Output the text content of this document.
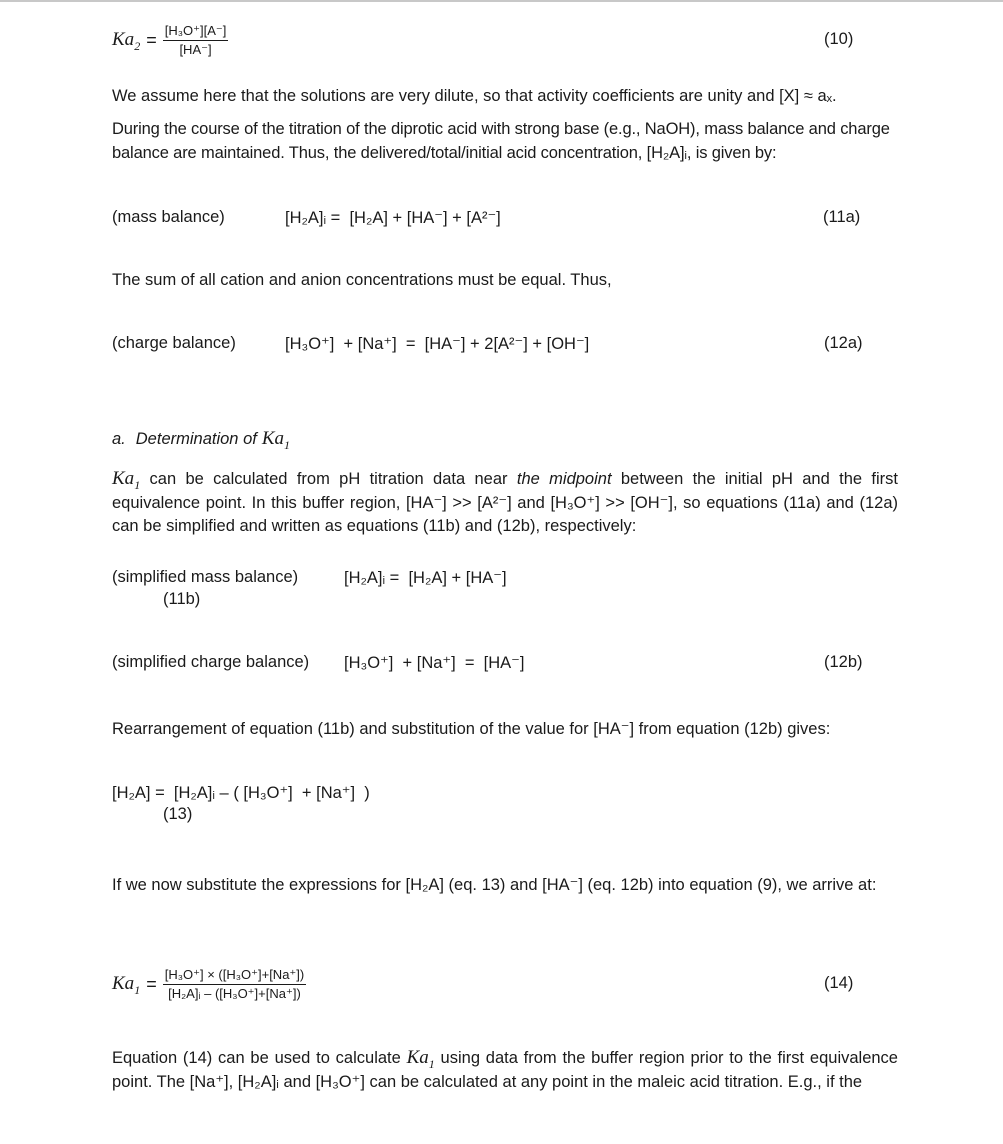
$Ka_2 = \frac{\text{[H₃O⁺][A⁻]}}{[HA^-]}$	(10)
We assume here that the solutions are very dilute, so that activity coefficients are unity and [X] ≈ aₓ.
During the course of the titration of the diprotic acid with strong base (e.g., NaOH), mass balance and charge balance are maintained. Thus, the delivered/total/initial acid concentration, [H₂A]ᵢ, is given by:
(mass balance)	[H₂A]ᵢ =  [H₂A] + [HA⁻] + [A²⁻]	(11a)
The sum of all cation and anion concentrations must be equal. Thus,
(charge balance)	[H₃O⁺]  + [Na⁺]  =  [HA⁻] + 2[A²⁻] + [OH⁻]	(12a)
a. Determination of $Ka_1$
$Ka_1$ can be calculated from pH titration data near the midpoint between the initial pH and the first equivalence point. In this buffer region, [HA⁻] >> [A²⁻] and [H₃O⁺] >> [OH⁻], so equations (11a) and (12a) can be simplified and written as equations (11b) and (12b), respectively:
(simplified mass balance)
(11b)
[H₂A]ᵢ =  [H₂A] + [HA⁻]
(simplified charge balance) [H₃O⁺]  + [Na⁺]  =  [HA⁻]	(12b)
Rearrangement of equation (11b) and substitution of the value for [HA⁻] from equation (12b) gives:
[H₂A] =  [H₂A]ᵢ – ( [H₃O⁺]  + [Na⁺]  )
(13)
If we now substitute the expressions for [H₂A] (eq. 13) and [HA⁻] (eq. 12b) into equation (9), we arrive at:
$Ka_1 = \frac{\text{[H₃O⁺] × ([H₃O⁺]+[Na⁺])}}{\text{[H₂A]ᵢ – ([H₃O⁺]+[Na⁺])}}$	(14)
Equation (14) can be used to calculate $Ka_1$ using data from the buffer region prior to the first equivalence point. The [Na⁺], [H₂A]ᵢ and [H₃O⁺] can be calculated at any point in the maleic acid titration. E.g., if the
